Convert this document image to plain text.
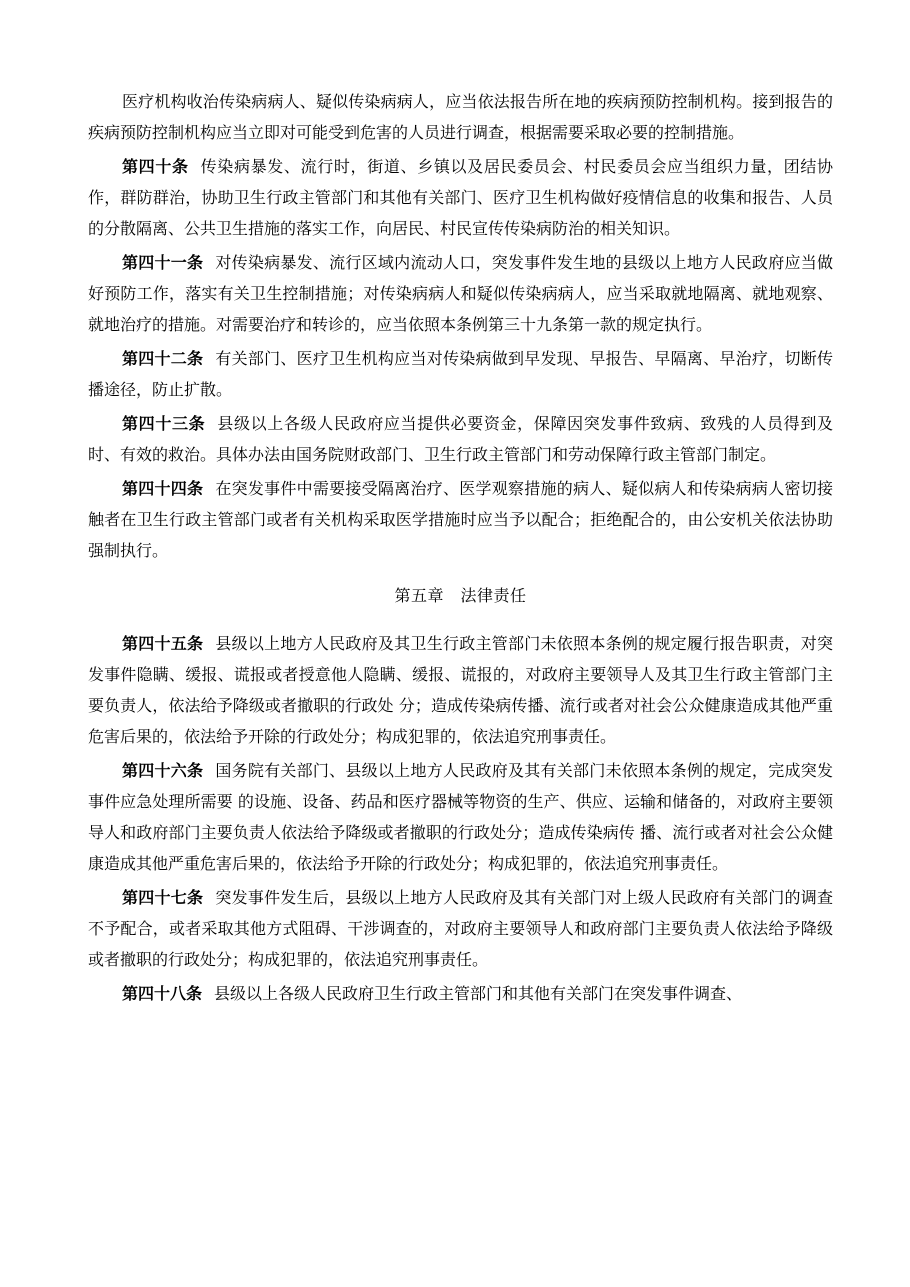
医疗机构收治传染病病人、疑似传染病病人，应当依法报告所在地的疾病预防控制机构。接到报告的疾病预防控制机构应当立即对可能受到危害的人员进行调查，根据需要采取必要的控制措施。

第四十条 传染病暴发、流行时，街道、乡镇以及居民委员会、村民委员会应当组织力量，团结协作，群防群治，协助卫生行政主管部门和其他有关部门、医疗卫生机构做好疫情信息的收集和报告、人员的分散隔离、公共卫生措施的落实工作，向居民、村民宣传传染病防治的相关知识。

第四十一条 对传染病暴发、流行区域内流动人口，突发事件发生地的县级以上地方人民政府应当做好预防工作，落实有关卫生控制措施；对传染病病人和疑似传染病病人，应当采取就地隔离、就地观察、就地治疗的措施。对需要治疗和转诊的，应当依照本条例第三十九条第一款的规定执行。

第四十二条 有关部门、医疗卫生机构应当对传染病做到早发现、早报告、早隔离、早治疗，切断传播途径，防止扩散。

第四十三条 县级以上各级人民政府应当提供必要资金，保障因突发事件致病、致残的人员得到及时、有效的救治。具体办法由国务院财政部门、卫生行政主管部门和劳动保障行政主管部门制定。

第四十四条 在突发事件中需要接受隔离治疗、医学观察措施的病人、疑似病人和传染病病人密切接触者在卫生行政主管部门或者有关机构采取医学措施时应当予以配合；拒绝配合的，由公安机关依法协助强制执行。

第五章　法律责任

第四十五条 县级以上地方人民政府及其卫生行政主管部门未依照本条例的规定履行报告职责，对突发事件隐瞒、缓报、谎报或者授意他人隐瞒、缓报、谎报的，对政府主要领导人及其卫生行政主管部门主要负责人，依法给予降级或者撤职的行政处 分；造成传染病传播、流行或者对社会公众健康造成其他严重危害后果的，依法给予开除的行政处分；构成犯罪的，依法追究刑事责任。

第四十六条 国务院有关部门、县级以上地方人民政府及其有关部门未依照本条例的规定，完成突发事件应急处理所需要 的设施、设备、药品和医疗器械等物资的生产、供应、运输和储备的，对政府主要领导人和政府部门主要负责人依法给予降级或者撤职的行政处分；造成传染病传 播、流行或者对社会公众健康造成其他严重危害后果的，依法给予开除的行政处分；构成犯罪的，依法追究刑事责任。

第四十七条 突发事件发生后，县级以上地方人民政府及其有关部门对上级人民政府有关部门的调查不予配合，或者采取其他方式阻碍、干涉调查的，对政府主要领导人和政府部门主要负责人依法给予降级或者撤职的行政处分；构成犯罪的，依法追究刑事责任。

第四十八条 县级以上各级人民政府卫生行政主管部门和其他有关部门在突发事件调查、
